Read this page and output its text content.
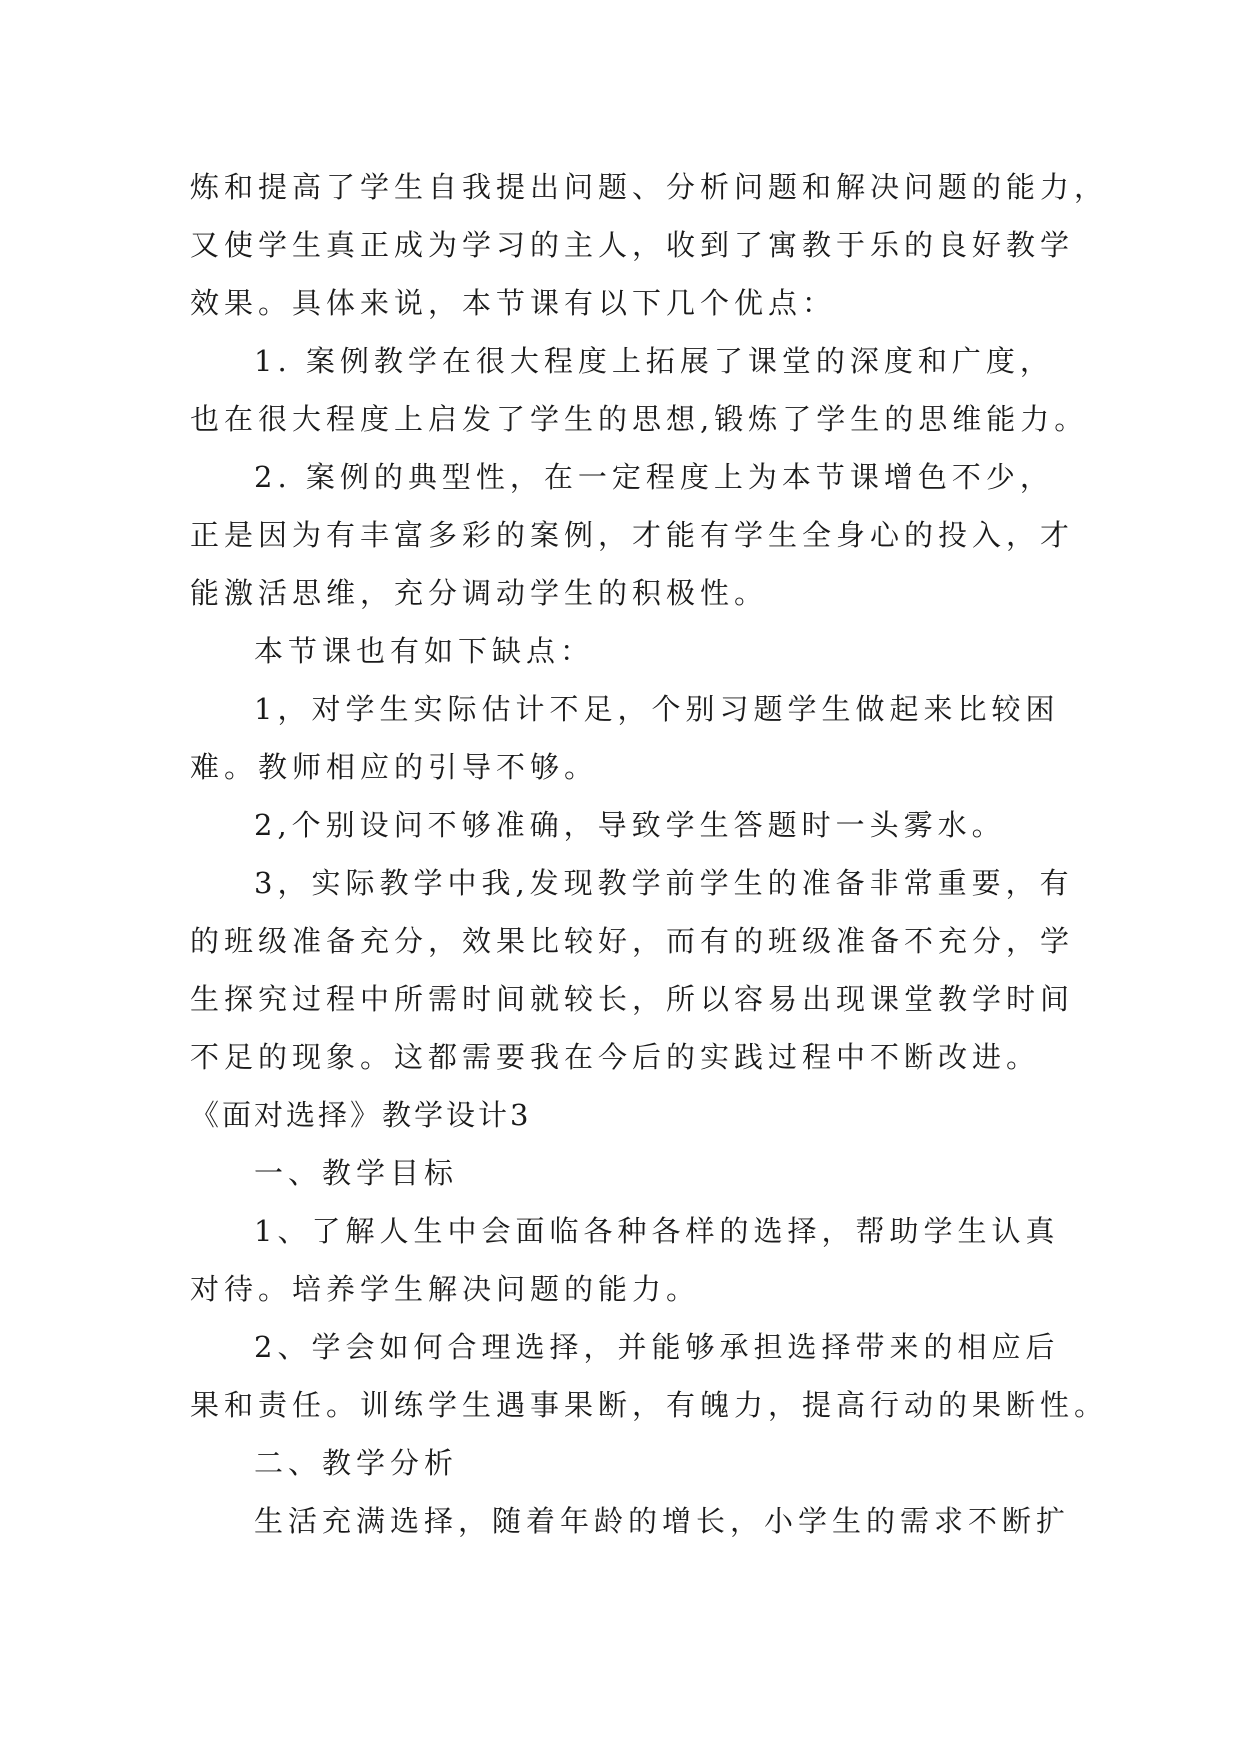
炼和提高了学生自我提出问题、分析问题和解决问题的能力，
又使学生真正成为学习的主人，收到了寓教于乐的良好教学
效果。具体来说，本节课有以下几个优点：
1. 案例教学在很大程度上拓展了课堂的深度和广度，
也在很大程度上启发了学生的思想,锻炼了学生的思维能力。
2. 案例的典型性，在一定程度上为本节课增色不少，
正是因为有丰富多彩的案例，才能有学生全身心的投入，才
能激活思维，充分调动学生的积极性。
本节课也有如下缺点：
1，对学生实际估计不足，个别习题学生做起来比较困
难。教师相应的引导不够。
2,个别设问不够准确，导致学生答题时一头雾水。
3，实际教学中我,发现教学前学生的准备非常重要，有
的班级准备充分，效果比较好，而有的班级准备不充分，学
生探究过程中所需时间就较长，所以容易出现课堂教学时间
不足的现象。这都需要我在今后的实践过程中不断改进。
《面对选择》教学设计3
一、教学目标
1、了解人生中会面临各种各样的选择，帮助学生认真
对待。培养学生解决问题的能力。
2、学会如何合理选择，并能够承担选择带来的相应后
果和责任。训练学生遇事果断，有魄力，提高行动的果断性。
二、教学分析
生活充满选择，随着年龄的增长，小学生的需求不断扩
